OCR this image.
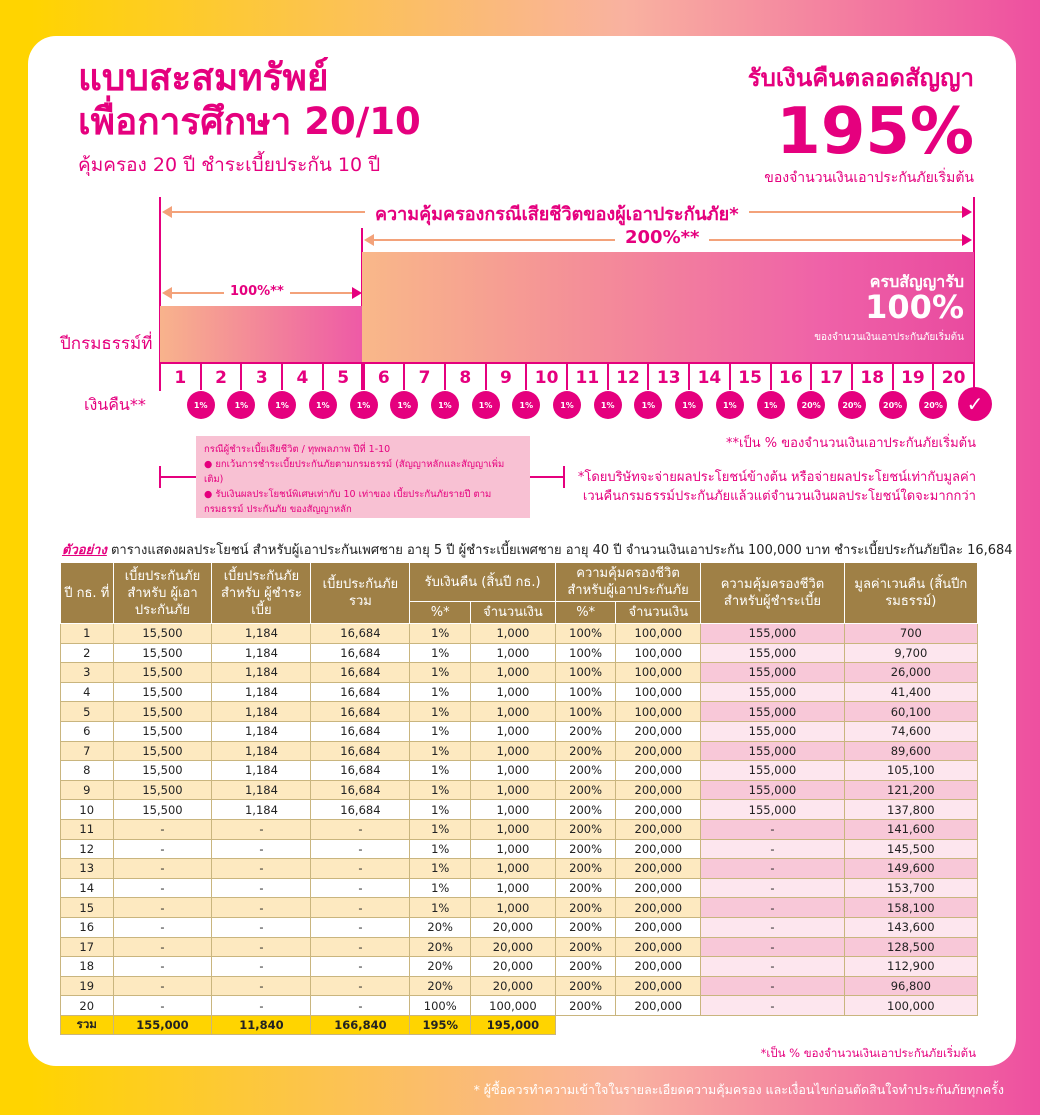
แบบสะสมทรัพย์
เพื่อการศึกษา 20/10
คุ้มครอง 20 ปี ชำระเบี้ยประกัน 10 ปี
รับเงินคืนตลอดสัญญา
195%
ของจำนวนเงินเอาประกันภัยเริ่มต้น
ความคุ้มครองกรณีเสียชีวิตของผู้เอาประกันภัย*
200%**
100%**
ครบสัญญารับ
100%
ของจำนวนเงินเอาประกันภัยเริ่มต้น
ปีกรมธรรม์ที่
เงินคืน**
1	2	3	4	5	6	7	8	9	10	11	12	13	14	15	16	17	18	19	20
1%	1%	1%	1%	1%	1%	1%	1%	1%	1%	1%	1%	1%	1%	1%	20%	20%	20%	20%	✓
**เป็น % ของจำนวนเงินเอาประกันภัยเริ่มต้น
*โดยบริษัทจะจ่ายผลประโยชน์ข้างต้น หรือจ่ายผลประโยชน์เท่ากับมูลค่า
เวนคืนกรมธรรม์ประกันภัยแล้วแต่จำนวนเงินผลประโยชน์ใดจะมากกว่า
กรณีผู้ชำระเบี้ยเสียชีวิต / ทุพพลภาพ ปีที่ 1-10
● ยกเว้นการชำระเบี้ยประกันภัยตามกรมธรรม์ (สัญญาหลักและสัญญาเพิ่มเติม)
● รับเงินผลประโยชน์พิเศษเท่ากับ 10 เท่าของ เบี้ยประกันภัยรายปี ตามกรมธรรม์ ประกันภัย ของสัญญาหลัก
ตัวอย่าง ตารางแสดงผลประโยชน์ สำหรับผู้เอาประกันเพศชาย อายุ 5 ปี ผู้ชำระเบี้ยเพศชาย อายุ 40 ปี จำนวนเงินเอาประกัน 100,000 บาท ชำระเบี้ยประกันภัยปีละ 16,684
ปี กธ. ที่	เบี้ยประกันภัย สำหรับ ผู้เอาประกันภัย	เบี้ยประกันภัย สำหรับ ผู้ชำระเบี้ย	เบี้ยประกันภัย รวม	รับเงินคืน (สิ้นปี กธ.)		ความคุ้มครองชีวิต สำหรับผู้เอาประกันภัย		ความคุ้มครองชีวิต สำหรับผู้ชำระเบี้ย	มูลค่าเวนคืน (สิ้นปีกรมธรรม์)
				%*	จำนวนเงิน	%*	จำนวนเงิน		
1	15,500	1,184	16,684	1%	1,000	100%	100,000	155,000	700
2	15,500	1,184	16,684	1%	1,000	100%	100,000	155,000	9,700
3	15,500	1,184	16,684	1%	1,000	100%	100,000	155,000	26,000
4	15,500	1,184	16,684	1%	1,000	100%	100,000	155,000	41,400
5	15,500	1,184	16,684	1%	1,000	100%	100,000	155,000	60,100
6	15,500	1,184	16,684	1%	1,000	200%	200,000	155,000	74,600
7	15,500	1,184	16,684	1%	1,000	200%	200,000	155,000	89,600
8	15,500	1,184	16,684	1%	1,000	200%	200,000	155,000	105,100
9	15,500	1,184	16,684	1%	1,000	200%	200,000	155,000	121,200
10	15,500	1,184	16,684	1%	1,000	200%	200,000	155,000	137,800
11	-	-	-	1%	1,000	200%	200,000	-	141,600
12	-	-	-	1%	1,000	200%	200,000	-	145,500
13	-	-	-	1%	1,000	200%	200,000	-	149,600
14	-	-	-	1%	1,000	200%	200,000	-	153,700
15	-	-	-	1%	1,000	200%	200,000	-	158,100
16	-	-	-	20%	20,000	200%	200,000	-	143,600
17	-	-	-	20%	20,000	200%	200,000	-	128,500
18	-	-	-	20%	20,000	200%	200,000	-	112,900
19	-	-	-	20%	20,000	200%	200,000	-	96,800
20	-	-	-	100%	100,000	200%	200,000	-	100,000
รวม	155,000	11,840	166,840	195%	195,000				
*เป็น % ของจำนวนเงินเอาประกันภัยเริ่มต้น
* ผู้ซื้อควรทำความเข้าใจในรายละเอียดความคุ้มครอง และเงื่อนไขก่อนตัดสินใจทำประกันภัยทุกครั้ง
